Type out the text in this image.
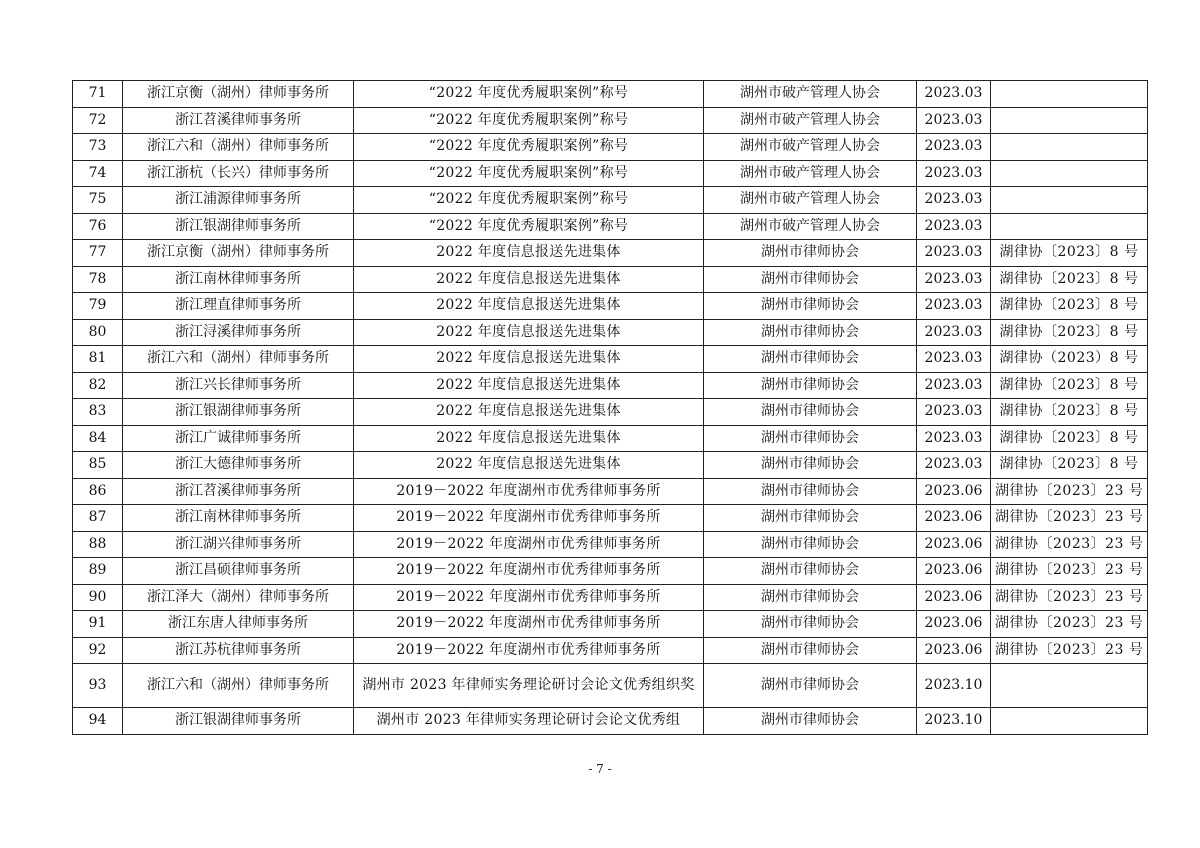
71	浙江京衡（湖州）律师事务所	“2022 年度优秀履职案例”称号	湖州市破产管理人协会	2023.03	
72	浙江苕溪律师事务所	“2022 年度优秀履职案例”称号	湖州市破产管理人协会	2023.03	
73	浙江六和（湖州）律师事务所	“2022 年度优秀履职案例”称号	湖州市破产管理人协会	2023.03	
74	浙江浙杭（长兴）律师事务所	“2022 年度优秀履职案例”称号	湖州市破产管理人协会	2023.03	
75	浙江浦源律师事务所	“2022 年度优秀履职案例”称号	湖州市破产管理人协会	2023.03	
76	浙江银湖律师事务所	“2022 年度优秀履职案例”称号	湖州市破产管理人协会	2023.03	
77	浙江京衡（湖州）律师事务所	2022 年度信息报送先进集体	湖州市律师协会	2023.03	湖律协〔2023〕8 号
78	浙江南林律师事务所	2022 年度信息报送先进集体	湖州市律师协会	2023.03	湖律协〔2023〕8 号
79	浙江理直律师事务所	2022 年度信息报送先进集体	湖州市律师协会	2023.03	湖律协〔2023〕8 号
80	浙江浔溪律师事务所	2022 年度信息报送先进集体	湖州市律师协会	2023.03	湖律协〔2023〕8 号
81	浙江六和（湖州）律师事务所	2022 年度信息报送先进集体	湖州市律师协会	2023.03	湖律协（2023）8 号
82	浙江兴长律师事务所	2022 年度信息报送先进集体	湖州市律师协会	2023.03	湖律协〔2023〕8 号
83	浙江银湖律师事务所	2022 年度信息报送先进集体	湖州市律师协会	2023.03	湖律协〔2023〕8 号
84	浙江广诚律师事务所	2022 年度信息报送先进集体	湖州市律师协会	2023.03	湖律协〔2023〕8 号
85	浙江大德律师事务所	2022 年度信息报送先进集体	湖州市律师协会	2023.03	湖律协〔2023〕8 号
86	浙江苕溪律师事务所	2019－2022 年度湖州市优秀律师事务所	湖州市律师协会	2023.06	湖律协〔2023〕23 号
87	浙江南林律师事务所	2019－2022 年度湖州市优秀律师事务所	湖州市律师协会	2023.06	湖律协〔2023〕23 号
88	浙江湖兴律师事务所	2019－2022 年度湖州市优秀律师事务所	湖州市律师协会	2023.06	湖律协〔2023〕23 号
89	浙江昌硕律师事务所	2019－2022 年度湖州市优秀律师事务所	湖州市律师协会	2023.06	湖律协〔2023〕23 号
90	浙江泽大（湖州）律师事务所	2019－2022 年度湖州市优秀律师事务所	湖州市律师协会	2023.06	湖律协〔2023〕23 号
91	浙江东唐人律师事务所	2019－2022 年度湖州市优秀律师事务所	湖州市律师协会	2023.06	湖律协〔2023〕23 号
92	浙江苏杭律师事务所	2019－2022 年度湖州市优秀律师事务所	湖州市律师协会	2023.06	湖律协〔2023〕23 号
93	浙江六和（湖州）律师事务所	湖州市 2023 年律师实务理论研讨会论文优秀组织奖	湖州市律师协会	2023.10	
94	浙江银湖律师事务所	湖州市 2023 年律师实务理论研讨会论文优秀组	湖州市律师协会	2023.10	
- 7 -
